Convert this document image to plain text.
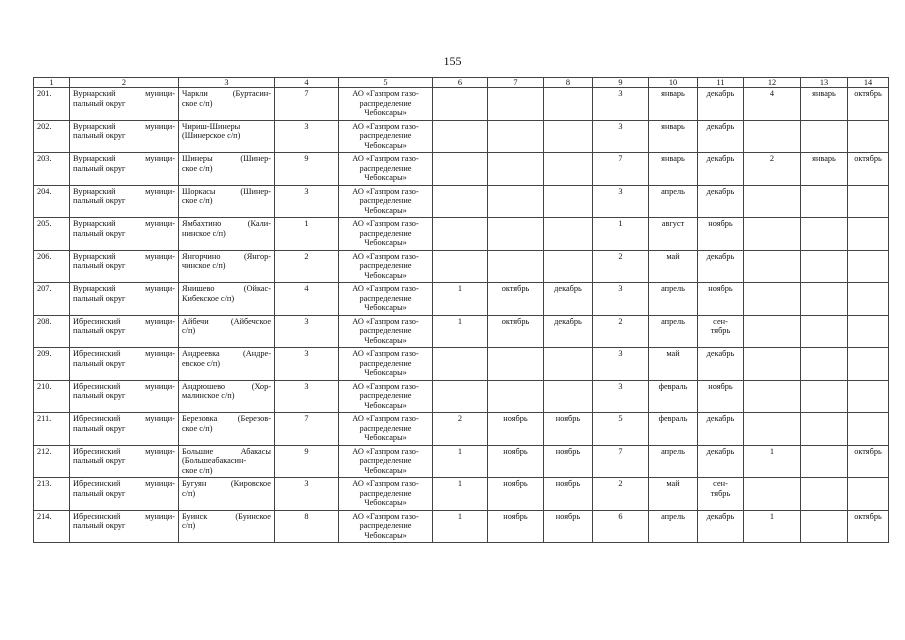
155
1	2	3	4	5	6	7	8	9	10	11	12	13	14
201.	Вурнарский муници-
пальный округ	Чаркли (Буртасин-
ское с/п)	7	АО «Газпром газо-
распределение
Чебоксары»				3	январь	декабрь	4	январь	октябрь
202.	Вурнарский муници-
пальный округ	Чириш-Шинеры
(Шинерское с/п)	3	АО «Газпром газо-
распределение
Чебоксары»				3	январь	декабрь			
203.	Вурнарский муници-
пальный округ	Шинеры (Шинер-
ское с/п)	9	АО «Газпром газо-
распределение
Чебоксары»				7	январь	декабрь	2	январь	октябрь
204.	Вурнарский муници-
пальный округ	Шоркасы (Шинер-
ское с/п)	3	АО «Газпром газо-
распределение
Чебоксары»				3	апрель	декабрь			
205.	Вурнарский муници-
пальный округ	Ямбахтино (Кали-
нинское с/п)	1	АО «Газпром газо-
распределение
Чебоксары»				1	август	ноябрь			
206.	Вурнарский муници-
пальный округ	Янгорчино (Янгор-
чинское с/п)	2	АО «Газпром газо-
распределение
Чебоксары»				2	май	декабрь			
207.	Вурнарский муници-
пальный округ	Янишево (Ойкас-
Кибекское с/п)	4	АО «Газпром газо-
распределение
Чебоксары»	1	октябрь	декабрь	3	апрель	ноябрь			
208.	Ибресинский муници-
пальный округ	Айбечи (Айбечское
с/п)	3	АО «Газпром газо-
распределение
Чебоксары»	1	октябрь	декабрь	2	апрель	сен-
тябрь			

209.	Ибресинский муници-
пальный округ	Андреевка (Андре-
евское с/п)	3	АО «Газпром газо-
распределение
Чебоксары»				3	май	декабрь			
210.	Ибресинский муници-
пальный округ	Андрюшево (Хор-
малинское с/п)	3	АО «Газпром газо-
распределение
Чебоксары»				3	февраль	ноябрь			
211.	Ибресинский муници-
пальный округ	Березовка (Березов-
ское с/п)	7	АО «Газпром газо-
распределение
Чебоксары»	2	ноябрь	ноябрь	5	февраль	декабрь			
212.	Ибресинский муници-
пальный округ	Большие Абакасы
(Большеабакасин-
ское с/п)	9	АО «Газпром газо-
распределение
Чебоксары»	1	ноябрь	ноябрь	7	апрель	декабрь	1		октябрь
213.	Ибресинский муници-
пальный округ	Бугуян (Кировское
с/п)	3	АО «Газпром газо-
распределение
Чебоксары»	1	ноябрь	ноябрь	2	май	сен-
тябрь			

214.	Ибресинский муници-
пальный округ	Буинск (Буинское
с/п)	8	АО «Газпром газо-
распределение
Чебоксары»	1	ноябрь	ноябрь	6	апрель	декабрь	1		октябрь
